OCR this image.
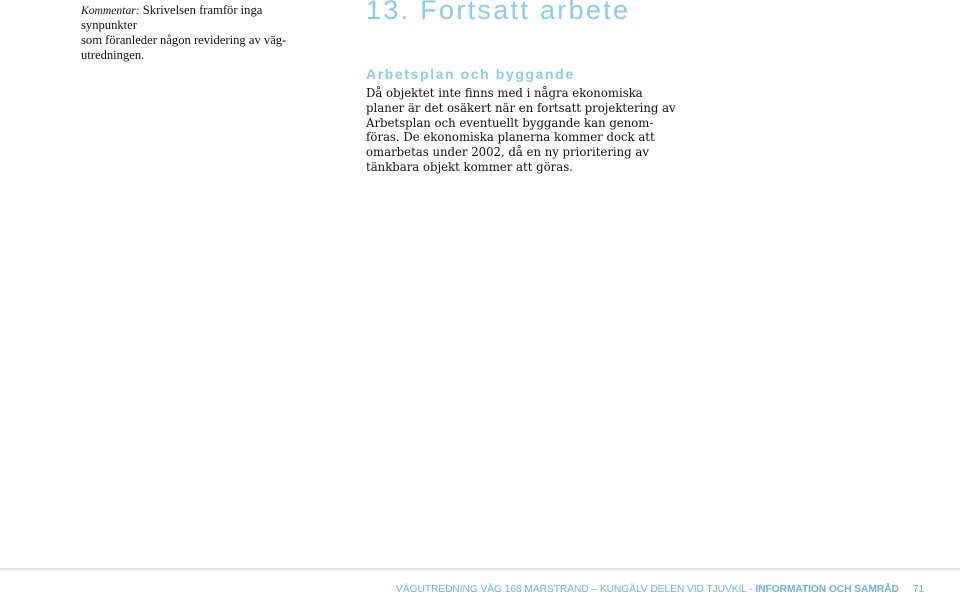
Kommentar: Skrivelsen framför inga synpunkter
som föranleder någon revidering av väg-
utredningen.
13. Fortsatt arbete
Arbetsplan och byggande
Då objektet inte finns med i några ekonomiska
planer är det osäkert när en fortsatt projektering av
Arbetsplan och eventuellt byggande kan genom-
föras. De ekonomiska planerna kommer dock att
omarbetas under 2002, då en ny prioritering av
tänkbara objekt kommer att göras.
VÄGUTREDNING VÄG 168 MARSTRAND – KUNGÄLV DELEN VID TJUVKIL - INFORMATION OCH SAMRÅD 71
